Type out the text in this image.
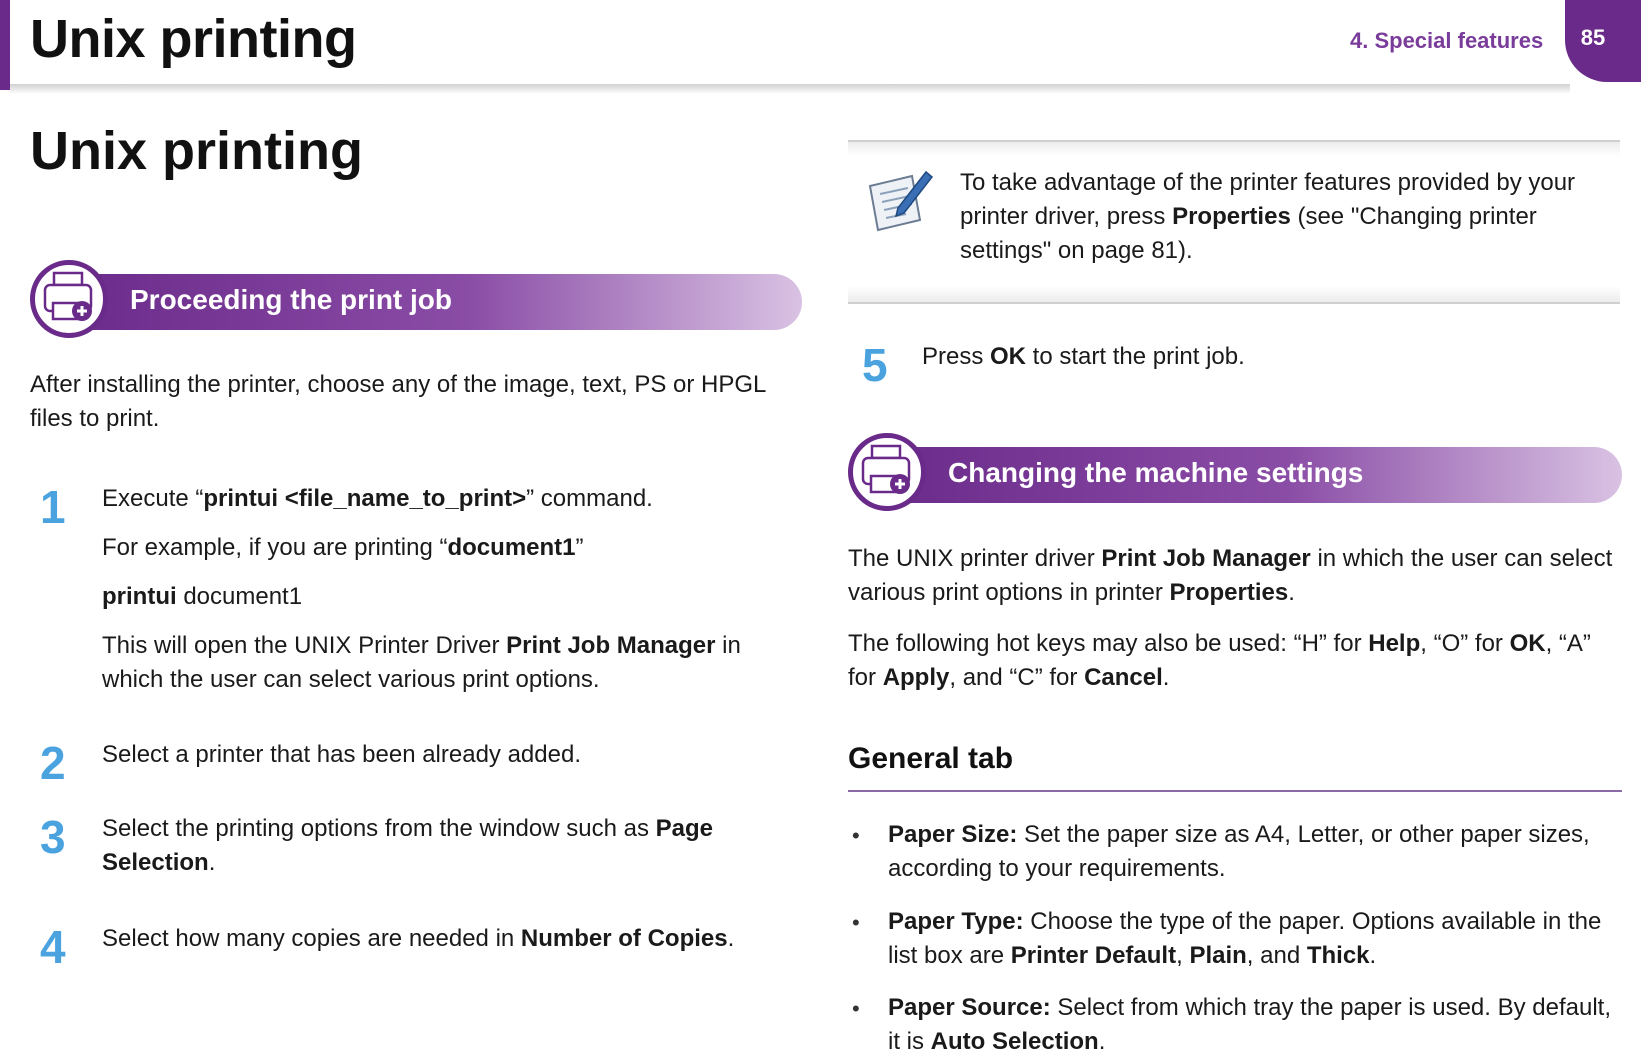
Unix printing	4. Special features 85
Unix printing
Proceeding the print job
After installing the printer, choose any of the image, text, PS or HPGL files to print.
1 Execute “printui <file_name_to_print>” command.
For example, if you are printing “document1”
printui document1
This will open the UNIX Printer Driver Print Job Manager in which the user can select various print options.
2 Select a printer that has been already added.
3 Select the printing options from the window such as Page Selection.
4 Select how many copies are needed in Number of Copies.
To take advantage of the printer features provided by your printer driver, press Properties (see "Changing printer settings" on page 81).
5 Press OK to start the print job.
Changing the machine settings
The UNIX printer driver Print Job Manager in which the user can select various print options in printer Properties.
The following hot keys may also be used: “H” for Help, “O” for OK, “A” for Apply, and “C” for Cancel.
General tab
• Paper Size: Set the paper size as A4, Letter, or other paper sizes, according to your requirements.
• Paper Type: Choose the type of the paper. Options available in the list box are Printer Default, Plain, and Thick.
• Paper Source: Select from which tray the paper is used. By default, it is Auto Selection.
